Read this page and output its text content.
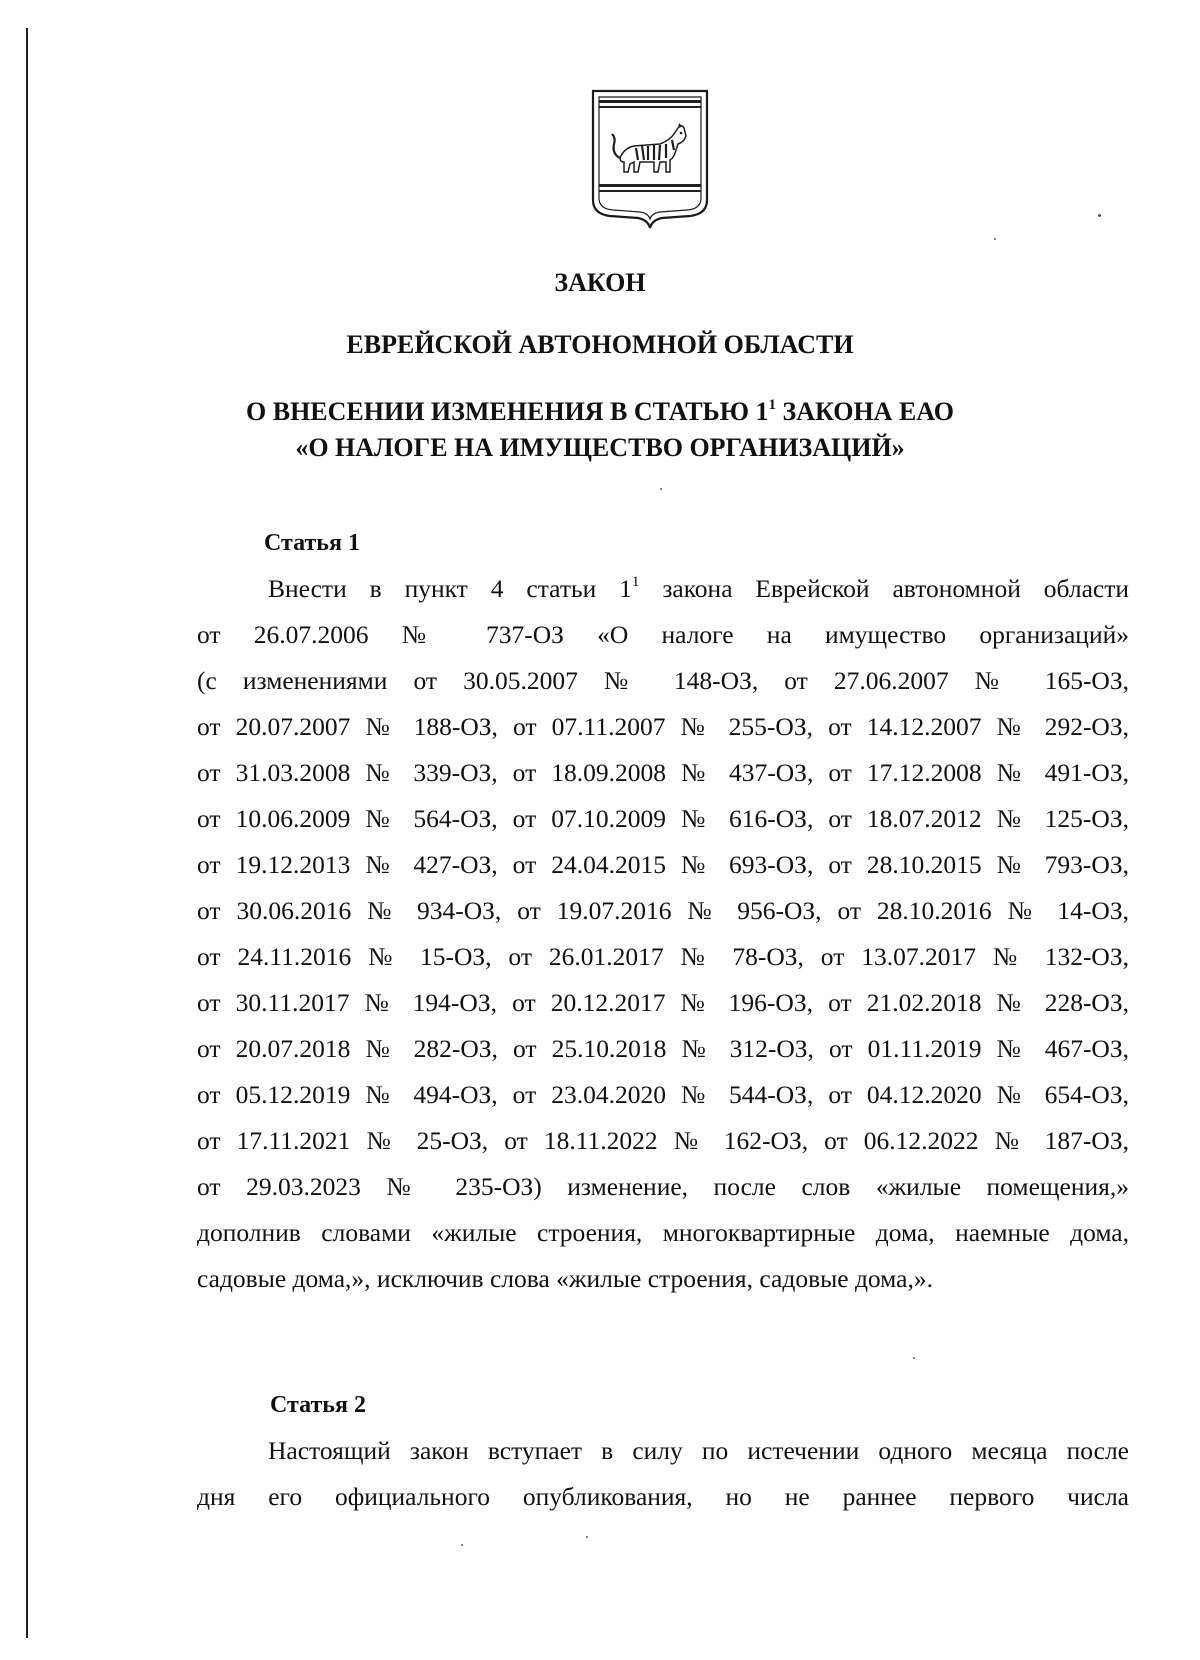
ЗАКОН
ЕВРЕЙСКОЙ АВТОНОМНОЙ ОБЛАСТИ
О ВНЕСЕНИИ ИЗМЕНЕНИЯ В СТАТЬЮ $1^1$ ЗАКОНА ЕАО
«О НАЛОГЕ НА ИМУЩЕСТВО ОРГАНИЗАЦИЙ»
Статья 1
Внести в пункт 4 статьи $1^1$ закона Еврейской автономной области
от 26.07.2006 № 737-ОЗ «О налоге на имущество организаций»
(с изменениями от 30.05.2007 № 148-ОЗ, от 27.06.2007 № 165-ОЗ,
от 20.07.2007 № 188-ОЗ, от 07.11.2007 № 255-ОЗ, от 14.12.2007 № 292-ОЗ,
от 31.03.2008 № 339-ОЗ, от 18.09.2008 № 437-ОЗ, от 17.12.2008 № 491-ОЗ,
от 10.06.2009 № 564-ОЗ, от 07.10.2009 № 616-ОЗ, от 18.07.2012 № 125-ОЗ,
от 19.12.2013 № 427-ОЗ, от 24.04.2015 № 693-ОЗ, от 28.10.2015 № 793-ОЗ,
от 30.06.2016 № 934-ОЗ, от 19.07.2016 № 956-ОЗ, от 28.10.2016 № 14-ОЗ,
от 24.11.2016 № 15-ОЗ, от 26.01.2017 № 78-ОЗ, от 13.07.2017 № 132-ОЗ,
от 30.11.2017 № 194-ОЗ, от 20.12.2017 № 196-ОЗ, от 21.02.2018 № 228-ОЗ,
от 20.07.2018 № 282-ОЗ, от 25.10.2018 № 312-ОЗ, от 01.11.2019 № 467-ОЗ,
от 05.12.2019 № 494-ОЗ, от 23.04.2020 № 544-ОЗ, от 04.12.2020 № 654-ОЗ,
от 17.11.2021 № 25-ОЗ, от 18.11.2022 № 162-ОЗ, от 06.12.2022 № 187-ОЗ,
от 29.03.2023 № 235-ОЗ) изменение, после слов «жилые помещения,»
дополнив словами «жилые строения, многоквартирные дома, наемные дома,
садовые дома,», исключив слова «жилые строения, садовые дома,».
Статья 2
Настоящий закон вступает в силу по истечении одного месяца после
дня его официального опубликования, но не раннее первого числа
